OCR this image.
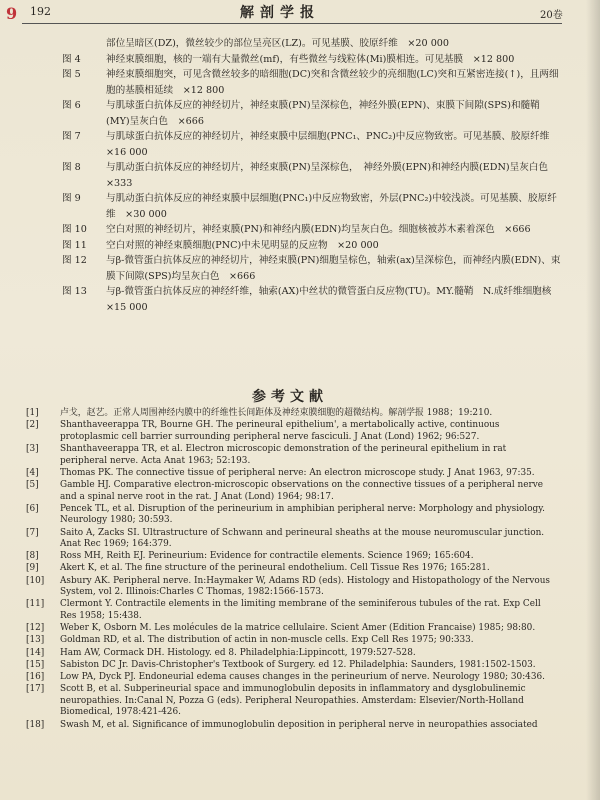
9	192	解剖学报	20卷
部位呈暗区(DZ)，微丝较少的部位呈亮区(LZ)。可见基膜、胶原纤维　×20 000
图 4	神经束膜细胞，核的一端有大量微丝(mf)，有些微丝与线粒体(Mi)膜相连。可见基膜　×12 800
图 5	神经束膜细胞突，可见含微丝较多的暗细胞(DC)突和含微丝较少的亮细胞(LC)突和互紧密连接(↑)，且两细胞的基膜相延续　×12 800
图 6	与肌球蛋白抗体反应的神经切片，神经束膜(PN)呈深棕色，神经外膜(EPN)、束膜下间隙(SPS)和髓鞘(MY)呈灰白色　×666
图 7	与肌球蛋白抗体反应的神经切片，神经束膜中层细胞(PNC₁、PNC₂)中反应物致密。可见基膜、胶原纤维　×16 000
图 8	与肌动蛋白抗体反应的神经切片，神经束膜(PN)呈深棕色，　神经外膜(EPN)和神经内膜(EDN)呈灰白色　×333
图 9	与肌动蛋白抗体反应的神经束膜中层细胞(PNC₁)中反应物致密，外层(PNC₂)中较浅淡。可见基膜、胶原纤维　×30 000
图 10	空白对照的神经切片，神经束膜(PN)和神经内膜(EDN)均呈灰白色。细胞核被苏木素着深色　×666
图 11	空白对照的神经束膜细胞(PNC)中未见明显的反应物　×20 000
图 12	与β-微管蛋白抗体反应的神经切片，神经束膜(PN)细胞呈棕色，轴索(ax)呈深棕色，而神经内膜(EDN)、束膜下间隙(SPS)均呈灰白色　×666
图 13	与β-微管蛋白抗体反应的神经纤维，轴索(AX)中丝状的微管蛋白反应物(TU)。MY.髓鞘　N.成纤维细胞核　×15 000
参考文献
[1]	卢戈，赵艺。正常人周围神经内膜中的纤维性长间距体及神经束膜细胞的超微结构。解剖学报 1988；19:210.
[2]	Shanthaveerappa TR, Bourne GH. The perineural epithelium', a mertabolically active, continuous protoplasmic cell barrier surrounding peripheral nerve fasciculi. J Anat (Lond) 1962; 96:527.
[3]	Shanthaveerappa TR, et al. Electron microscopic demonstration of the perineural epithelium in rat peripheral nerve. Acta Anat 1963; 52:193.
[4]	Thomas PK. The connective tissue of peripheral nerve: An electron microscope study. J Anat 1963, 97:35.
[5]	Gamble HJ. Comparative electron-microscopic observations on the connective tissues of a peripheral nerve and a spinal nerve root in the rat. J Anat (Lond) 1964; 98:17.
[6]	Pencek TL, et al. Disruption of the perineurium in amphibian peripheral nerve: Morphology and physiology. Neurology 1980; 30:593.
[7]	Saito A, Zacks SI. Ultrastructure of Schwann and perineural sheaths at the mouse neuromuscular junction. Anat Rec 1969; 164:379.
[8]	Ross MH, Reith EJ. Perineurium: Evidence for contractile elements. Science 1969; 165:604.
[9]	Akert K, et al. The fine structure of the perineural endothelium. Cell Tissue Res 1976; 165:281.
[10]	Asbury AK. Peripheral nerve. In:Haymaker W, Adams RD (eds). Histology and Histopathology of the Nervous System, vol 2. Illinois:Charles C Thomas, 1982:1566-1573.
[11]	Clermont Y. Contractile elements in the limiting membrane of the seminiferous tubules of the rat. Exp Cell Res 1958; 15:438.
[12]	Weber K, Osborn M. Les molécules de la matrice cellulaire. Scient Amer (Edition Francaise) 1985; 98:80.
[13]	Goldman RD, et al. The distribution of actin in non-muscle cells. Exp Cell Res 1975; 90:333.
[14]	Ham AW, Cormack DH. Histology. ed 8. Philadelphia:Lippincott, 1979:527-528.
[15]	Sabiston DC Jr. Davis-Christopher's Textbook of Surgery. ed 12. Philadelphia: Saunders, 1981:1502-1503.
[16]	Low PA, Dyck PJ. Endoneurial edema causes changes in the perineurium of nerve. Neurology 1980; 30:436.
[17]	Scott B, et al. Subperineurial space and immunoglobulin deposits in inflammatory and dysglobulinemic neuropathies. In:Canal N, Pozza G (eds). Peripheral Neuropathies. Amsterdam: Elsevier/North-Holland Biomedical, 1978:421-426.
[18]	Swash M, et al. Significance of immunoglobulin deposition in peripheral nerve in neuropathies associated
